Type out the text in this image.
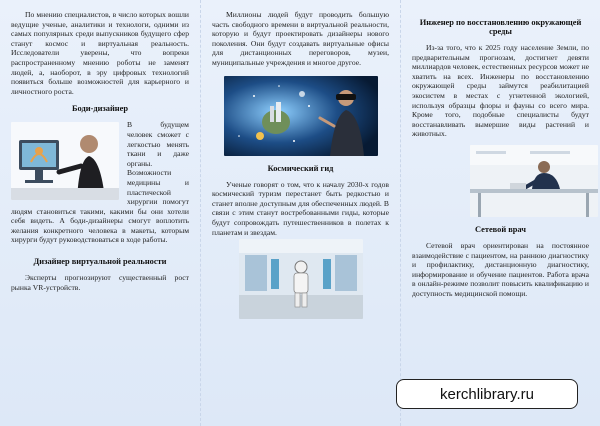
По мнению специалистов, в число которых вошли ведущие ученые, аналитики и технологи, одними из самых популярных среди выпускников будущего сфер станут космос и виртуальная реальность. Исследователи уверены, что вопреки распространенному мнению роботы не заменят людей, а, наоборот, в эру цифровых технологий появиться больше возможностей для карьерного и личностного роста.

Боди-дизайнер

В будущем человек сможет с легкостью менять ткани и даже органы. Возможности медицины и пластической хирургии помогут людям становиться такими, какими бы они хотели себя видеть. А боди-дизайнеры смогут воплотить желания конкретного человека в макеты, которым хирурги будут руководствоваться в ходе работы.

Дизайнер виртуальной реальности

Эксперты прогнозируют существенный рост рынка VR-устройств.

Миллионы людей будут проводить большую часть свободного времени в виртуальной реальности, которую и будут проектировать дизайнеры нового поколения. Они будут создавать виртуальные офисы для дистанционных переговоров, музеи, муниципальные учреждения и многое другое.

Космический гид

Ученые говорят о том, что к началу 2030-х годов космический туризм перестанет быть редкостью и станет вполне доступным для обеспеченных людей. В связи с этим станут востребованными гиды, которые будут сопровождать путешественников в полетах к планетам и звездам.

Инженер по восстановлению окружающей среды

Из-за того, что к 2025 году население Земли, по предварительным прогнозам, достигнет девяти миллиардов человек, естественных ресурсов может не хватить на всех. Инженеры по восстановлению окружающей среды займутся реабилитацией экосистем в местах с угнетенной экологией, используя образцы флоры и фауны со всего мира. Кроме того, подобные специалисты будут восстанавливать вымершие виды растений и животных.

Сетевой врач

Сетевой врач ориентирован на постоянное взаимодействие с пациентом, на раннюю диагностику и профилактику, дистанционную диагностику, информирование и обучение пациентов. Работа врача в онлайн-режиме позволит повысить квалификацию и доступность медицинской помощи.

kerchlibrary.ru
